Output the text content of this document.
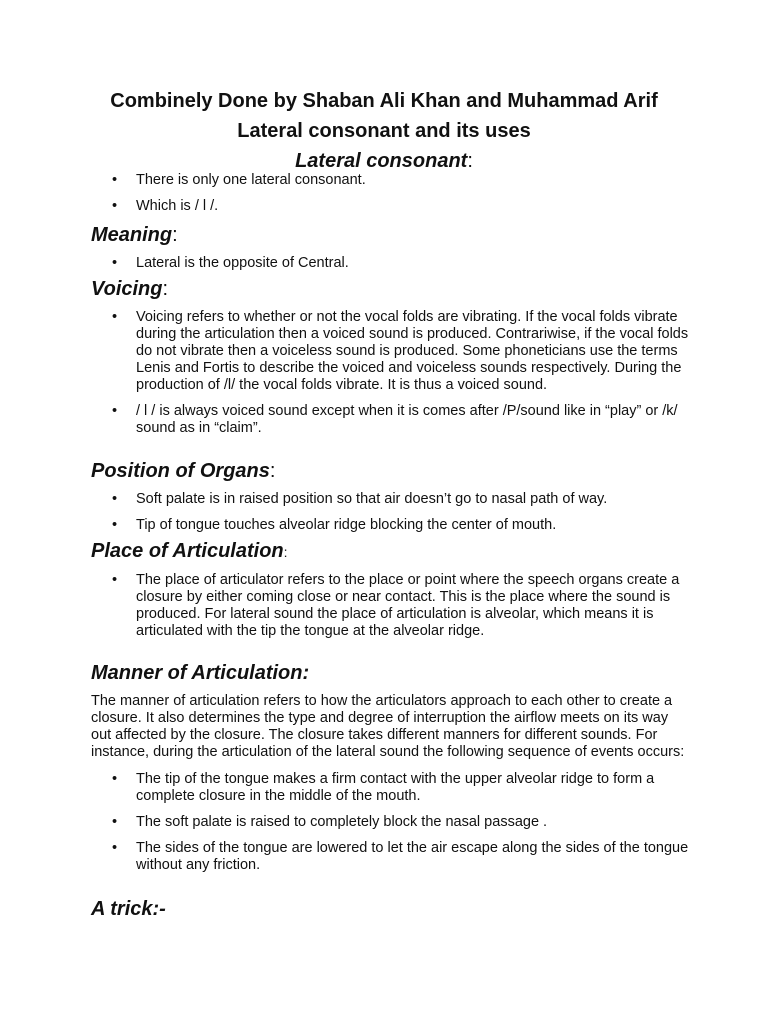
Combinely Done by Shaban Ali Khan and Muhammad Arif

Lateral consonant and its uses

Lateral consonant:

• There is only one lateral consonant.
• Which is / l /.

Meaning:

• Lateral is the opposite of Central.

Voicing:

• Voicing refers to whether or not the vocal folds are vibrating. If the vocal folds vibrate during the articulation then a voiced sound is produced. Contrariwise, if the vocal folds do not vibrate then a voiceless sound is produced. Some phoneticians use the terms Lenis and Fortis to describe the voiced and voiceless sounds respectively. During the production of /l/ the vocal folds vibrate. It is thus a voiced sound.
• / l / is always voiced sound except when it is comes after /P/sound like in “play” or /k/ sound as in “claim”.

Position of Organs:

• Soft palate is in raised position so that air doesn’t go to nasal path of way.
• Tip of tongue touches alveolar ridge blocking the center of mouth.

Place of Articulation:

• The place of articulator refers to the place or point where the speech organs create a closure by either coming close or near contact. This is the place where the sound is produced. For lateral sound the place of articulation is alveolar, which means it is articulated with the tip the tongue at the alveolar ridge.

Manner of Articulation:

The manner of articulation refers to how the articulators approach to each other to create a closure. It also determines the type and degree of interruption the airflow meets on its way out affected by the closure. The closure takes different manners for different sounds. For instance, during the articulation of the lateral sound the following sequence of events occurs:

• The tip of the tongue makes a firm contact with the upper alveolar ridge to form a complete closure in the middle of the mouth.
• The soft palate is raised to completely block the nasal passage .
• The sides of the tongue are lowered to let the air escape along the sides of the tongue without any friction.

A trick:-
